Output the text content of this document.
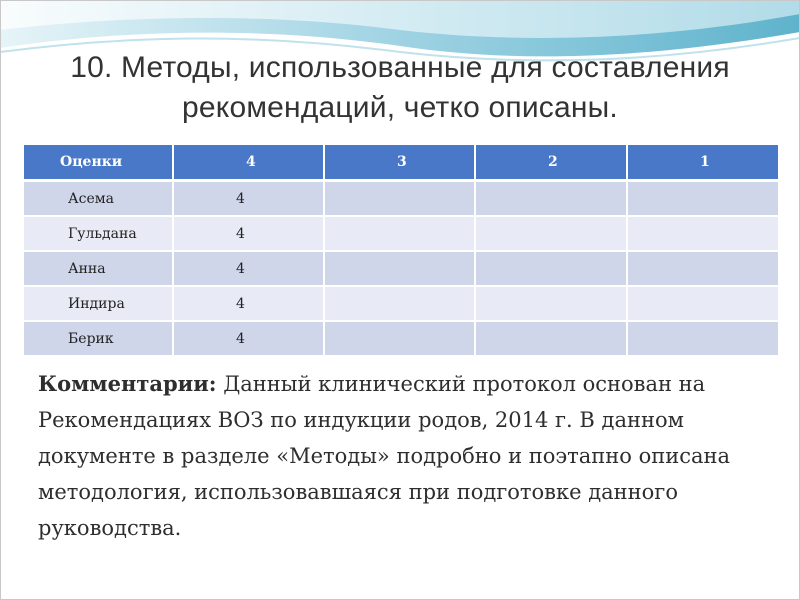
10. Методы, использованные для составления
рекомендаций, четко описаны.
Оценки	4	3	2	1
Асема	4			
Гульдана	4			
Анна	4			
Индира	4			
Берик	4			
Комментарии: Данный клинический протокол основан на Рекомендациях ВОЗ по индукции родов, 2014 г. В данном документе в разделе «Методы» подробно и поэтапно описана методология, использовавшаяся при подготовке данного руководства.
